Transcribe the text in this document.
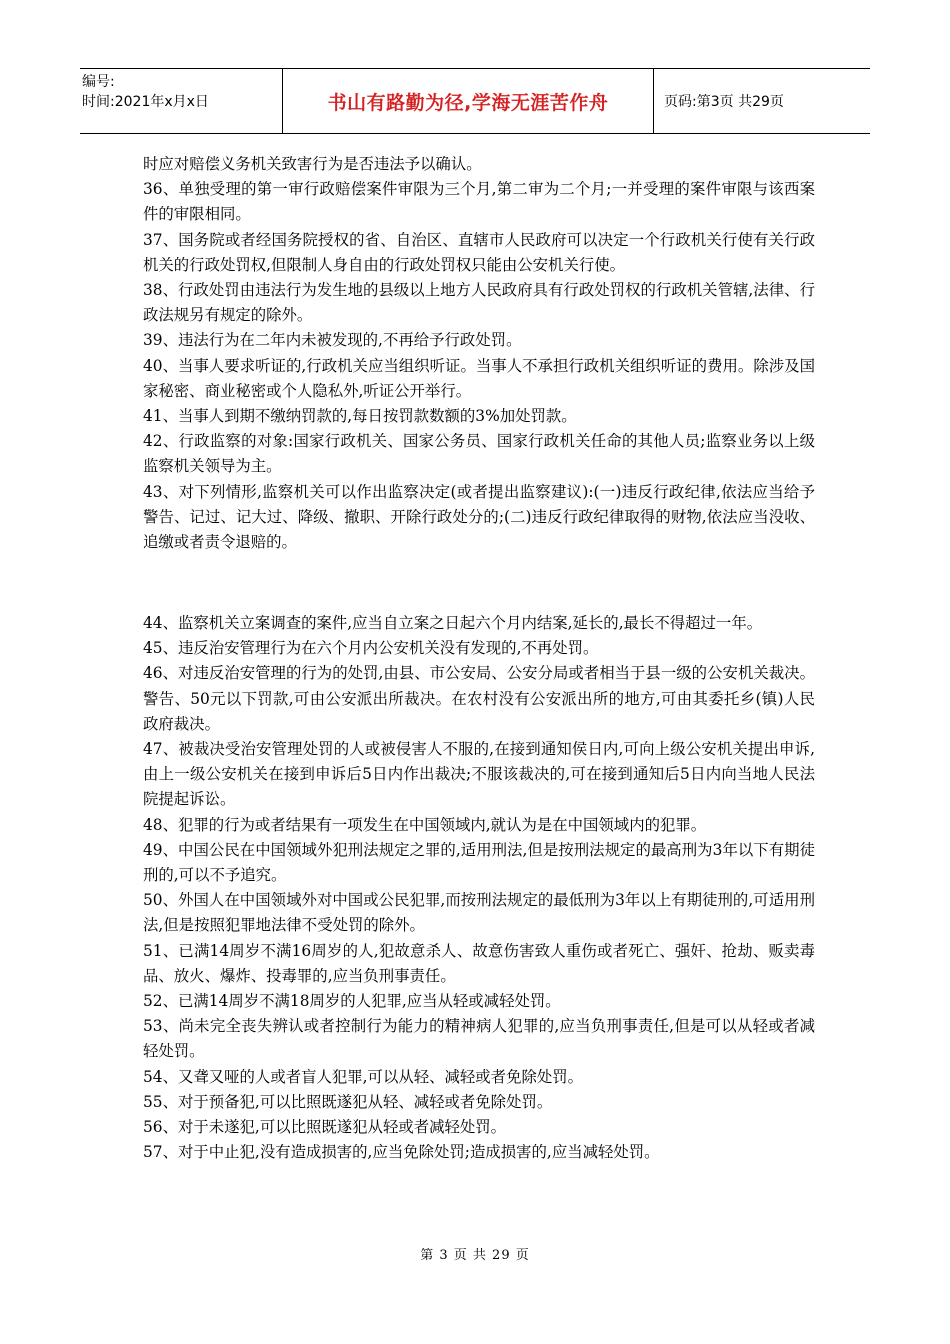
编号:
时间:2021年x月x日	书山有路勤为径,学海无涯苦作舟	页码:第3页 共29页

时应对赔偿义务机关致害行为是否违法予以确认。

36、单独受理的第一审行政赔偿案件审限为三个月,第二审为二个月;一并受理的案件审限与该西案件的审限相同。

37、国务院或者经国务院授权的省、自治区、直辖市人民政府可以决定一个行政机关行使有关行政机关的行政处罚权,但限制人身自由的行政处罚权只能由公安机关行使。

38、行政处罚由违法行为发生地的县级以上地方人民政府具有行政处罚权的行政机关管辖,法律、行政法规另有规定的除外。

39、违法行为在二年内未被发现的,不再给予行政处罚。

40、当事人要求听证的,行政机关应当组织听证。当事人不承担行政机关组织听证的费用。除涉及国家秘密、商业秘密或个人隐私外,听证公开举行。

41、当事人到期不缴纳罚款的,每日按罚款数额的3%加处罚款。

42、行政监察的对象:国家行政机关、国家公务员、国家行政机关任命的其他人员;监察业务以上级监察机关领导为主。

43、对下列情形,监察机关可以作出监察决定(或者提出监察建议):(一)违反行政纪律,依法应当给予警告、记过、记大过、降级、撤职、开除行政处分的;(二)违反行政纪律取得的财物,依法应当没收、追缴或者责令退赔的。

44、监察机关立案调查的案件,应当自立案之日起六个月内结案,延长的,最长不得超过一年。

45、违反治安管理行为在六个月内公安机关没有发现的,不再处罚。

46、对违反治安管理的行为的处罚,由县、市公安局、公安分局或者相当于县一级的公安机关裁决。警告、50元以下罚款,可由公安派出所裁决。在农村没有公安派出所的地方,可由其委托乡(镇)人民政府裁决。

47、被裁决受治安管理处罚的人或被侵害人不服的,在接到通知侯日内,可向上级公安机关提出申诉,由上一级公安机关在接到申诉后5日内作出裁决;不服该裁决的,可在接到通知后5日内向当地人民法院提起诉讼。

48、犯罪的行为或者结果有一项发生在中国领域内,就认为是在中国领域内的犯罪。

49、中国公民在中国领域外犯刑法规定之罪的,适用刑法,但是按刑法规定的最高刑为3年以下有期徒刑的,可以不予追究。

50、外国人在中国领域外对中国或公民犯罪,而按刑法规定的最低刑为3年以上有期徒刑的,可适用刑法,但是按照犯罪地法律不受处罚的除外。

51、已满14周岁不满16周岁的人,犯故意杀人、故意伤害致人重伤或者死亡、强奸、抢劫、贩卖毒品、放火、爆炸、投毒罪的,应当负刑事责任。

52、已满14周岁不满18周岁的人犯罪,应当从轻或减轻处罚。

53、尚未完全丧失辨认或者控制行为能力的精神病人犯罪的,应当负刑事责任,但是可以从轻或者减轻处罚。

54、又聋又哑的人或者盲人犯罪,可以从轻、减轻或者免除处罚。

55、对于预备犯,可以比照既遂犯从轻、减轻或者免除处罚。

56、对于未遂犯,可以比照既遂犯从轻或者减轻处罚。

57、对于中止犯,没有造成损害的,应当免除处罚;造成损害的,应当减轻处罚。

第 3 页 共 29 页
